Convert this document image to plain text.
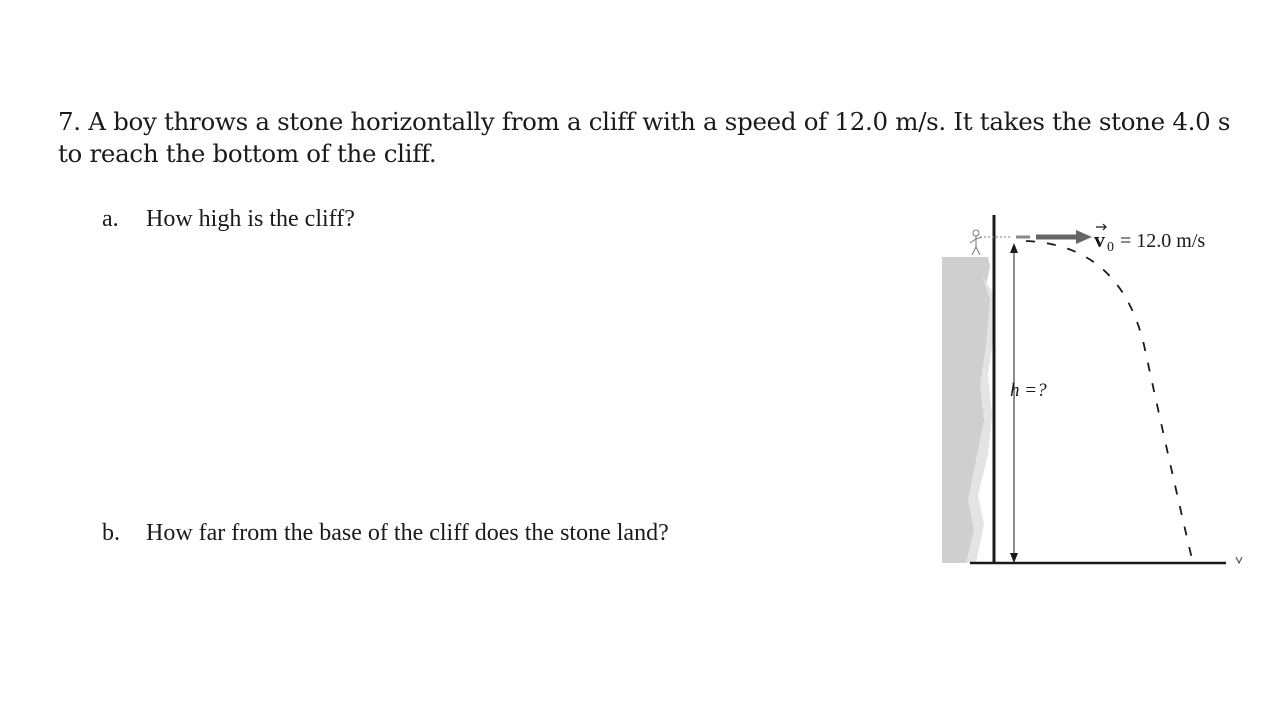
7. A boy throws a stone horizontally from a cliff with a speed of 12.0 m/s. It takes the stone 4.0 s to reach the bottom of the cliff.
a. How high is the cliff?
b. How far from the base of the cliff does the stone land?
v 0 = 12.0 m/s
h =?
